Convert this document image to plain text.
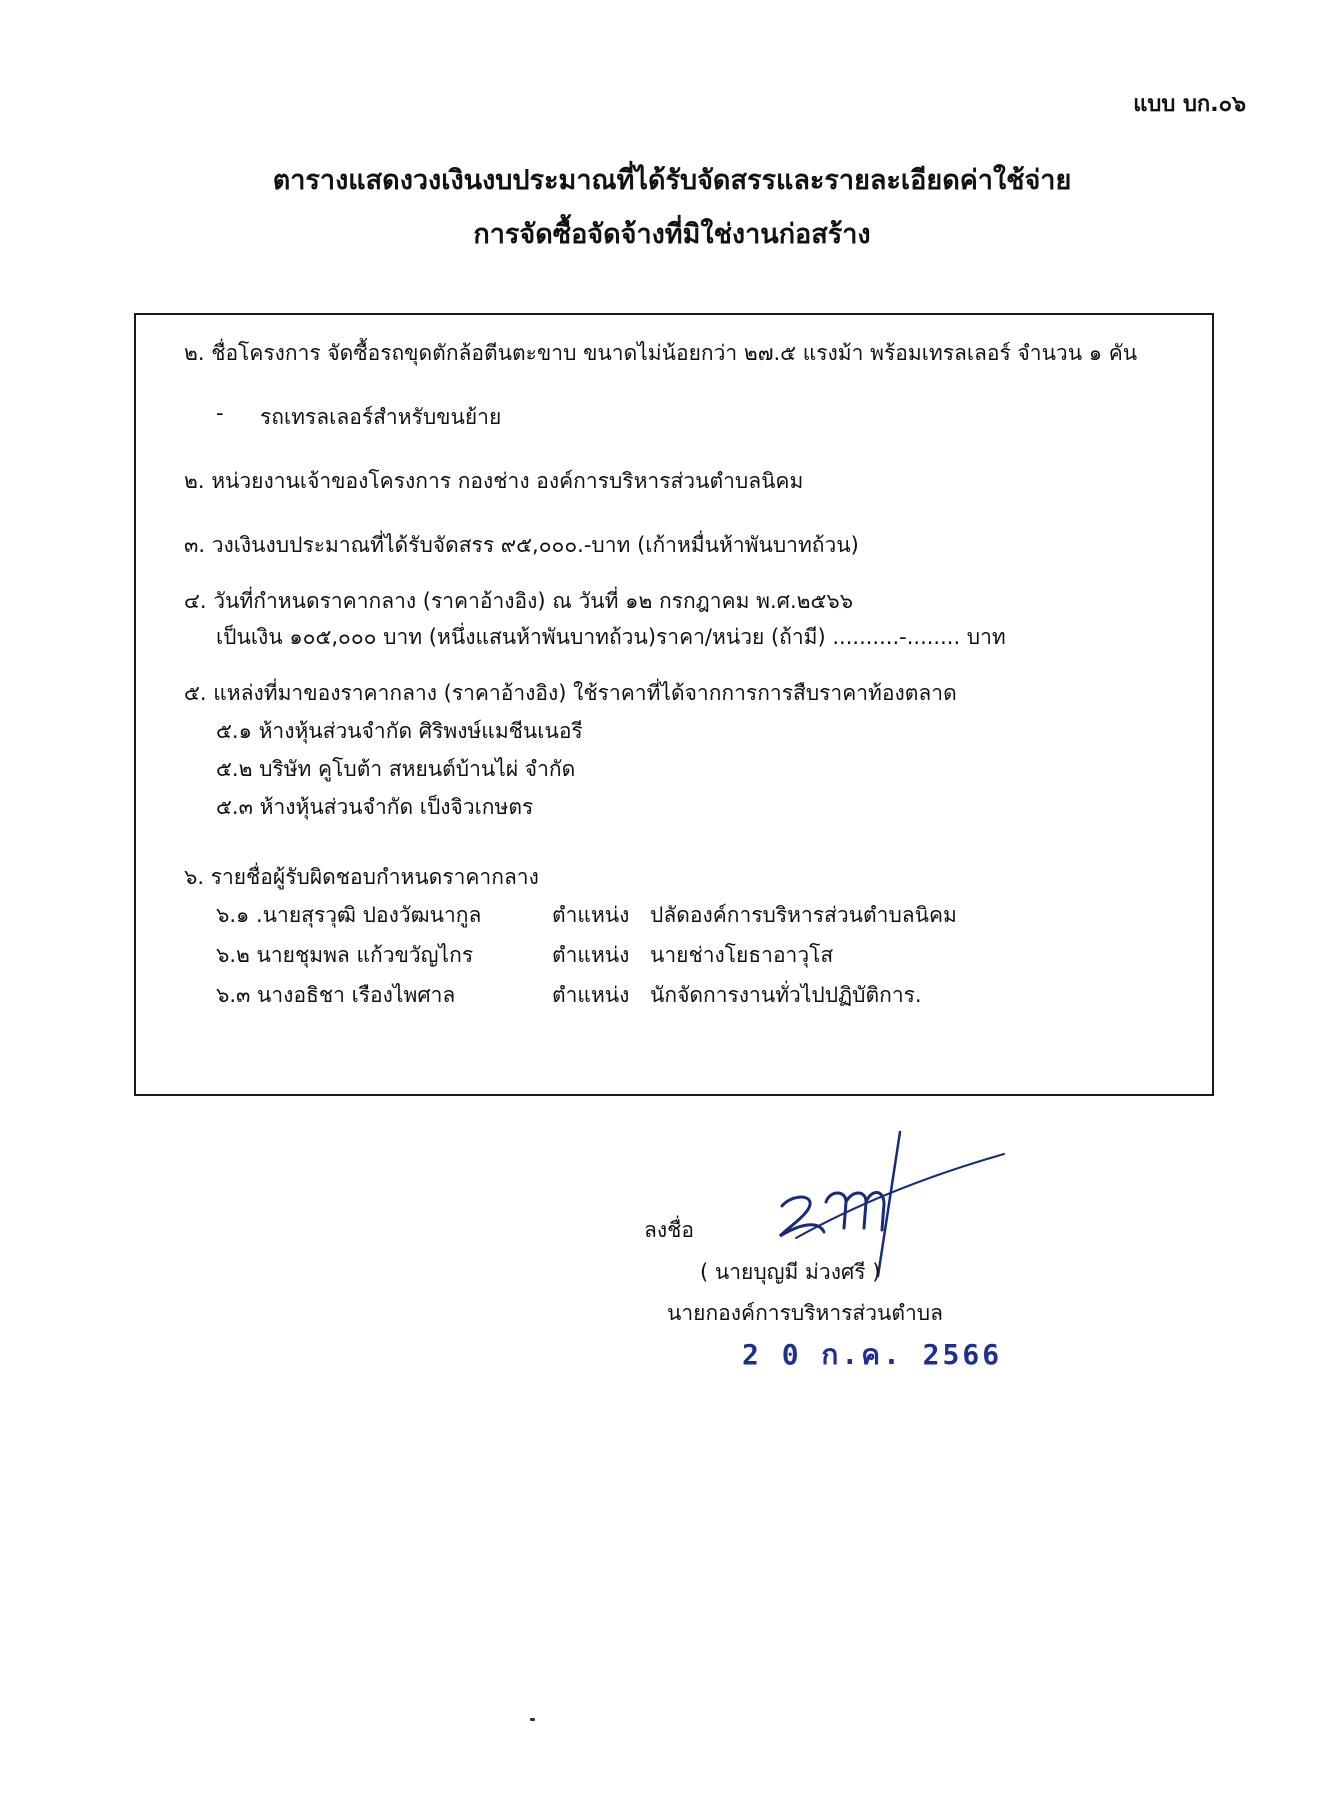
แบบ บก.๐๖

ตารางแสดงวงเงินงบประมาณที่ได้รับจัดสรรและรายละเอียดค่าใช้จ่าย

การจัดซื้อจัดจ้างที่มิใช่งานก่อสร้าง

๒. ชื่อโครงการ จัดซื้อรถขุดตักล้อตีนตะขาบ ขนาดไม่น้อยกว่า ๒๗.๕ แรงม้า พร้อมเทรลเลอร์ จำนวน ๑ คัน
- รถเทรลเลอร์สำหรับขนย้าย
๒. หน่วยงานเจ้าของโครงการ กองช่าง องค์การบริหารส่วนตำบลนิคม
๓. วงเงินงบประมาณที่ได้รับจัดสรร ๙๕,๐๐๐.-บาท (เก้าหมื่นห้าพันบาทถ้วน)
๔. วันที่กำหนดราคากลาง (ราคาอ้างอิง) ณ วันที่ ๑๒ กรกฎาคม พ.ศ.๒๕๖๖
เป็นเงิน ๑๐๕,๐๐๐ บาท (หนึ่งแสนห้าพันบาทถ้วน)ราคา/หน่วย (ถ้ามี) ..........-........ บาท
๕. แหล่งที่มาของราคากลาง (ราคาอ้างอิง) ใช้ราคาที่ได้จากการการสืบราคาท้องตลาด
๕.๑ ห้างหุ้นส่วนจำกัด ศิริพงษ์แมชีนเนอรี
๕.๒ บริษัท คูโบต้า สหยนต์บ้านไผ่ จำกัด
๕.๓ ห้างหุ้นส่วนจำกัด เป็งจิวเกษตร
๖. รายชื่อผู้รับผิดชอบกำหนดราคากลาง
๖.๑ .นายสุรวุฒิ ปองวัฒนากูล	ตำแหน่ง ปลัดองค์การบริหารส่วนตำบลนิคม
๖.๒ นายชุมพล แก้วขวัญไกร	ตำแหน่ง นายช่างโยธาอาวุโส
๖.๓ นางอธิชา เรืองไพศาล	ตำแหน่ง นักจัดการงานทั่วไปปฏิบัติการ.
ลงชื่อ
( นายบุญมี ม่วงศรี )
นายกองค์การบริหารส่วนตำบล
2 0 ก.ค. 2566
